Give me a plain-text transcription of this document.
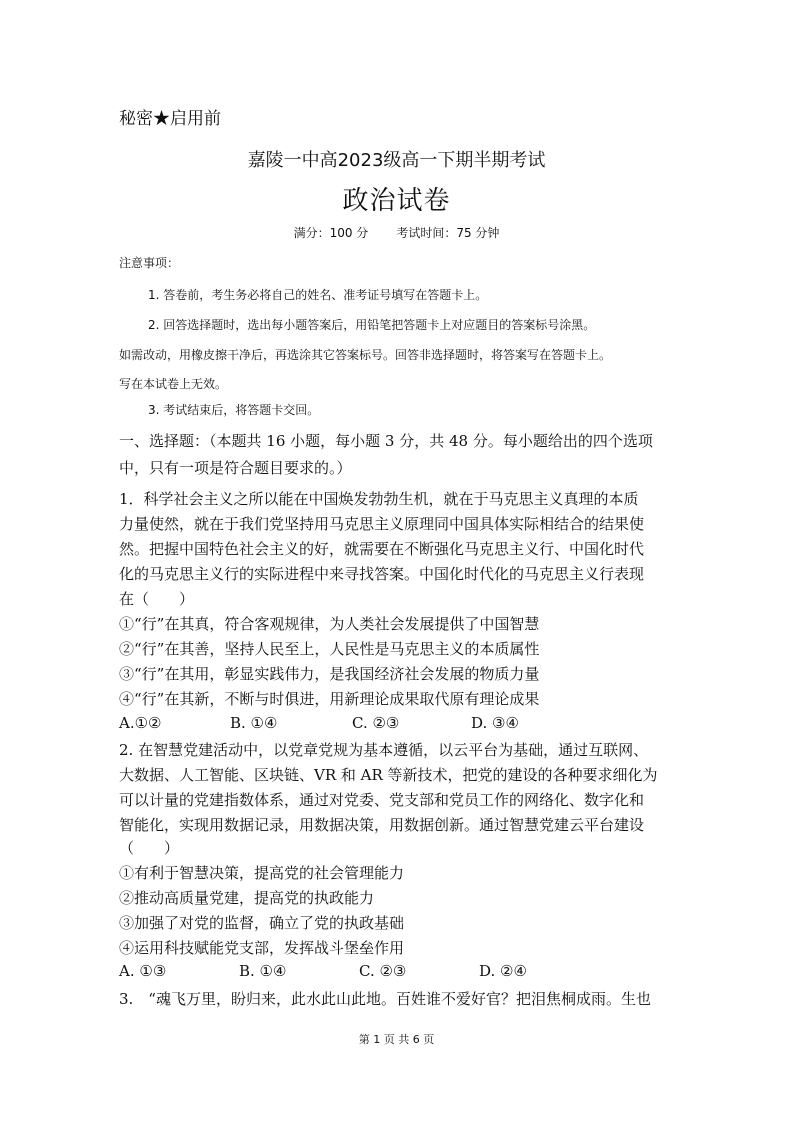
秘密★启用前
嘉陵一中高2023级高一下期半期考试
政治试卷
满分：100 分 考试时间：75 分钟
注意事项：
1. 答卷前，考生务必将自己的姓名、准考证号填写在答题卡上。
2. 回答选择题时，选出每小题答案后，用铅笔把答题卡上对应题目的答案标号涂黑。
如需改动，用橡皮擦干净后，再选涂其它答案标号。回答非选择题时，将答案写在答题卡上。
写在本试卷上无效。
3. 考试结束后，将答题卡交回。
一、选择题：（本题共 16 小题，每小题 3 分，共 48 分。每小题给出的四个选项
中，只有一项是符合题目要求的。）
1．科学社会主义之所以能在中国焕发勃勃生机，就在于马克思主义真理的本质
力量使然，就在于我们党坚持用马克思主义原理同中国具体实际相结合的结果使
然。把握中国特色社会主义的好，就需要在不断强化马克思主义行、中国化时代
化的马克思主义行的实际进程中来寻找答案。中国化时代化的马克思主义行表现
在（　　）
①“行”在其真，符合客观规律，为人类社会发展提供了中国智慧
②“行”在其善，坚持人民至上，人民性是马克思主义的本质属性
③“行”在其用，彰显实践伟力，是我国经济社会发展的物质力量
④“行”在其新，不断与时俱进，用新理论成果取代原有理论成果
A.①②	B. ①④	C. ②③	D. ③④
2. 在智慧党建活动中，以党章党规为基本遵循，以云平台为基础，通过互联网、
大数据、人工智能、区块链、VR 和 AR 等新技术，把党的建设的各种要求细化为
可以计量的党建指数体系，通过对党委、党支部和党员工作的网络化、数字化和
智能化，实现用数据记录，用数据决策，用数据创新。通过智慧党建云平台建设
（　　）
①有利于智慧决策，提高党的社会管理能力
②推动高质量党建，提高党的执政能力
③加强了对党的监督，确立了党的执政基础
④运用科技赋能党支部，发挥战斗堡垒作用
A. ①③	B. ①④	C. ②③	D. ②④
3.　“魂飞万里，盼归来，此水此山此地。百姓谁不爱好官？把泪焦桐成雨。生也
第 1 页 共 6 页
